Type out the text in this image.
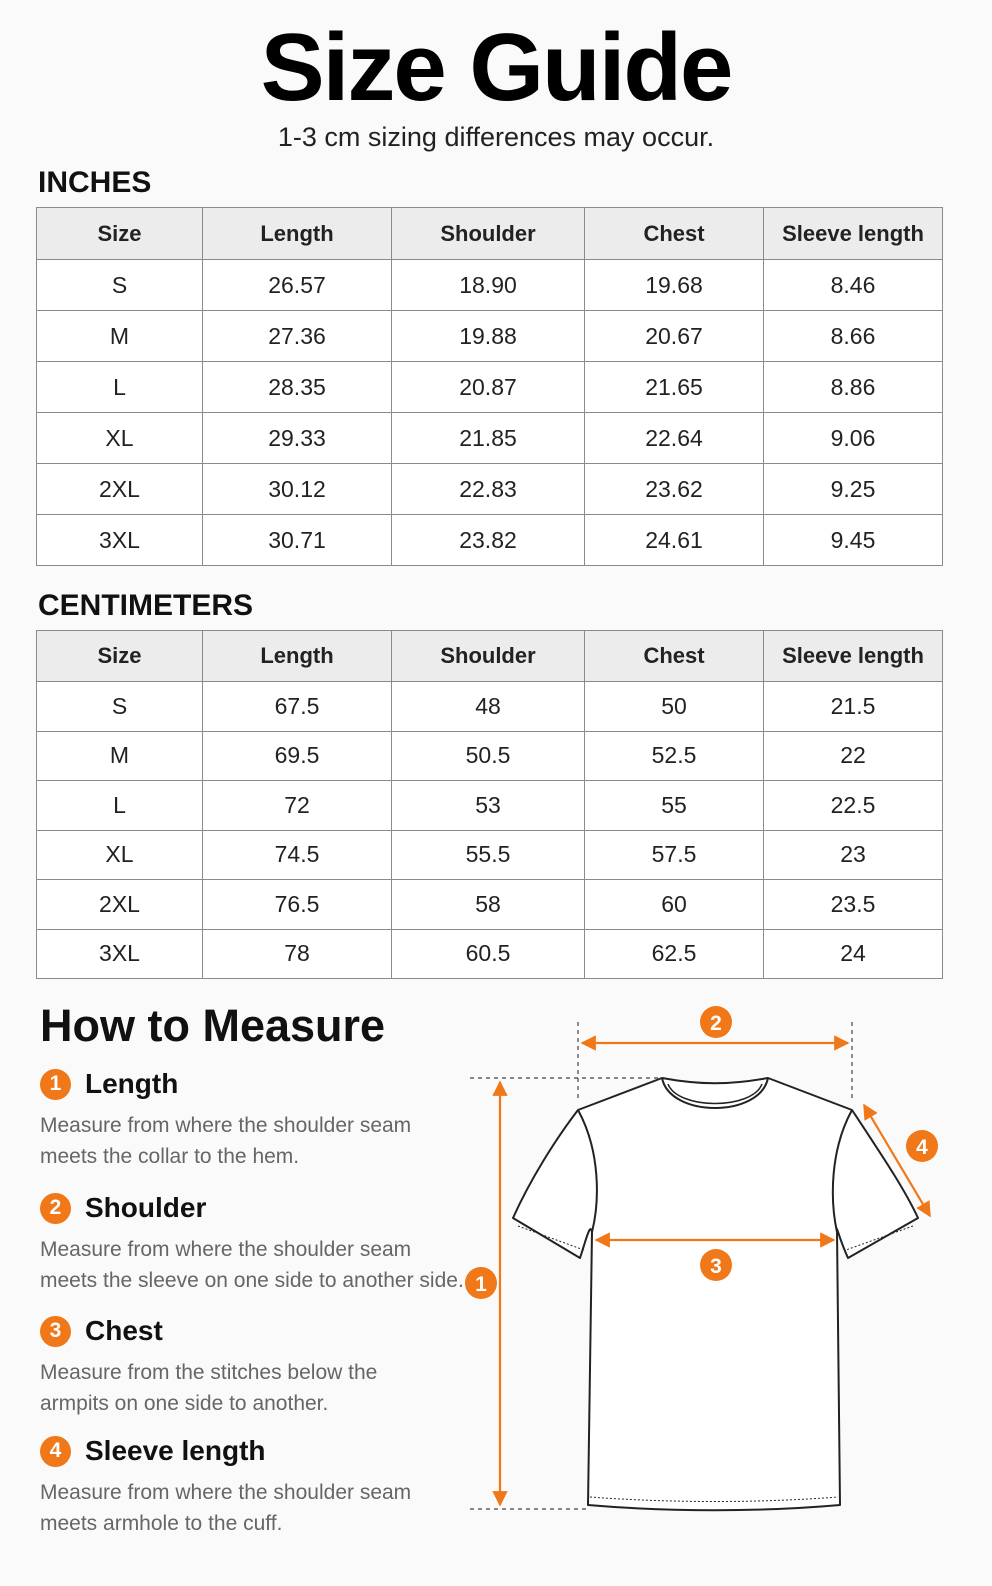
Size Guide
1-3 cm sizing differences may occur.
INCHES
Size	Length	Shoulder	Chest	Sleeve length
S	26.57	18.90	19.68	8.46
M	27.36	19.88	20.67	8.66
L	28.35	20.87	21.65	8.86
XL	29.33	21.85	22.64	9.06
2XL	30.12	22.83	23.62	9.25
3XL	30.71	23.82	24.61	9.45
CENTIMETERS
Size	Length	Shoulder	Chest	Sleeve length
S	67.5	48	50	21.5
M	69.5	50.5	52.5	22
L	72	53	55	22.5
XL	74.5	55.5	57.5	23
2XL	76.5	58	60	23.5
3XL	78	60.5	62.5	24
How to Measure
1 Length
Measure from where the shoulder seam
meets the collar to the hem.
2 Shoulder
Measure from where the shoulder seam
meets the sleeve on one side to another side.
3 Chest
Measure from the stitches below the
armpits on one side to another.
4 Sleeve length
Measure from where the shoulder seam
meets armhole to the cuff.
1
2
3
4
